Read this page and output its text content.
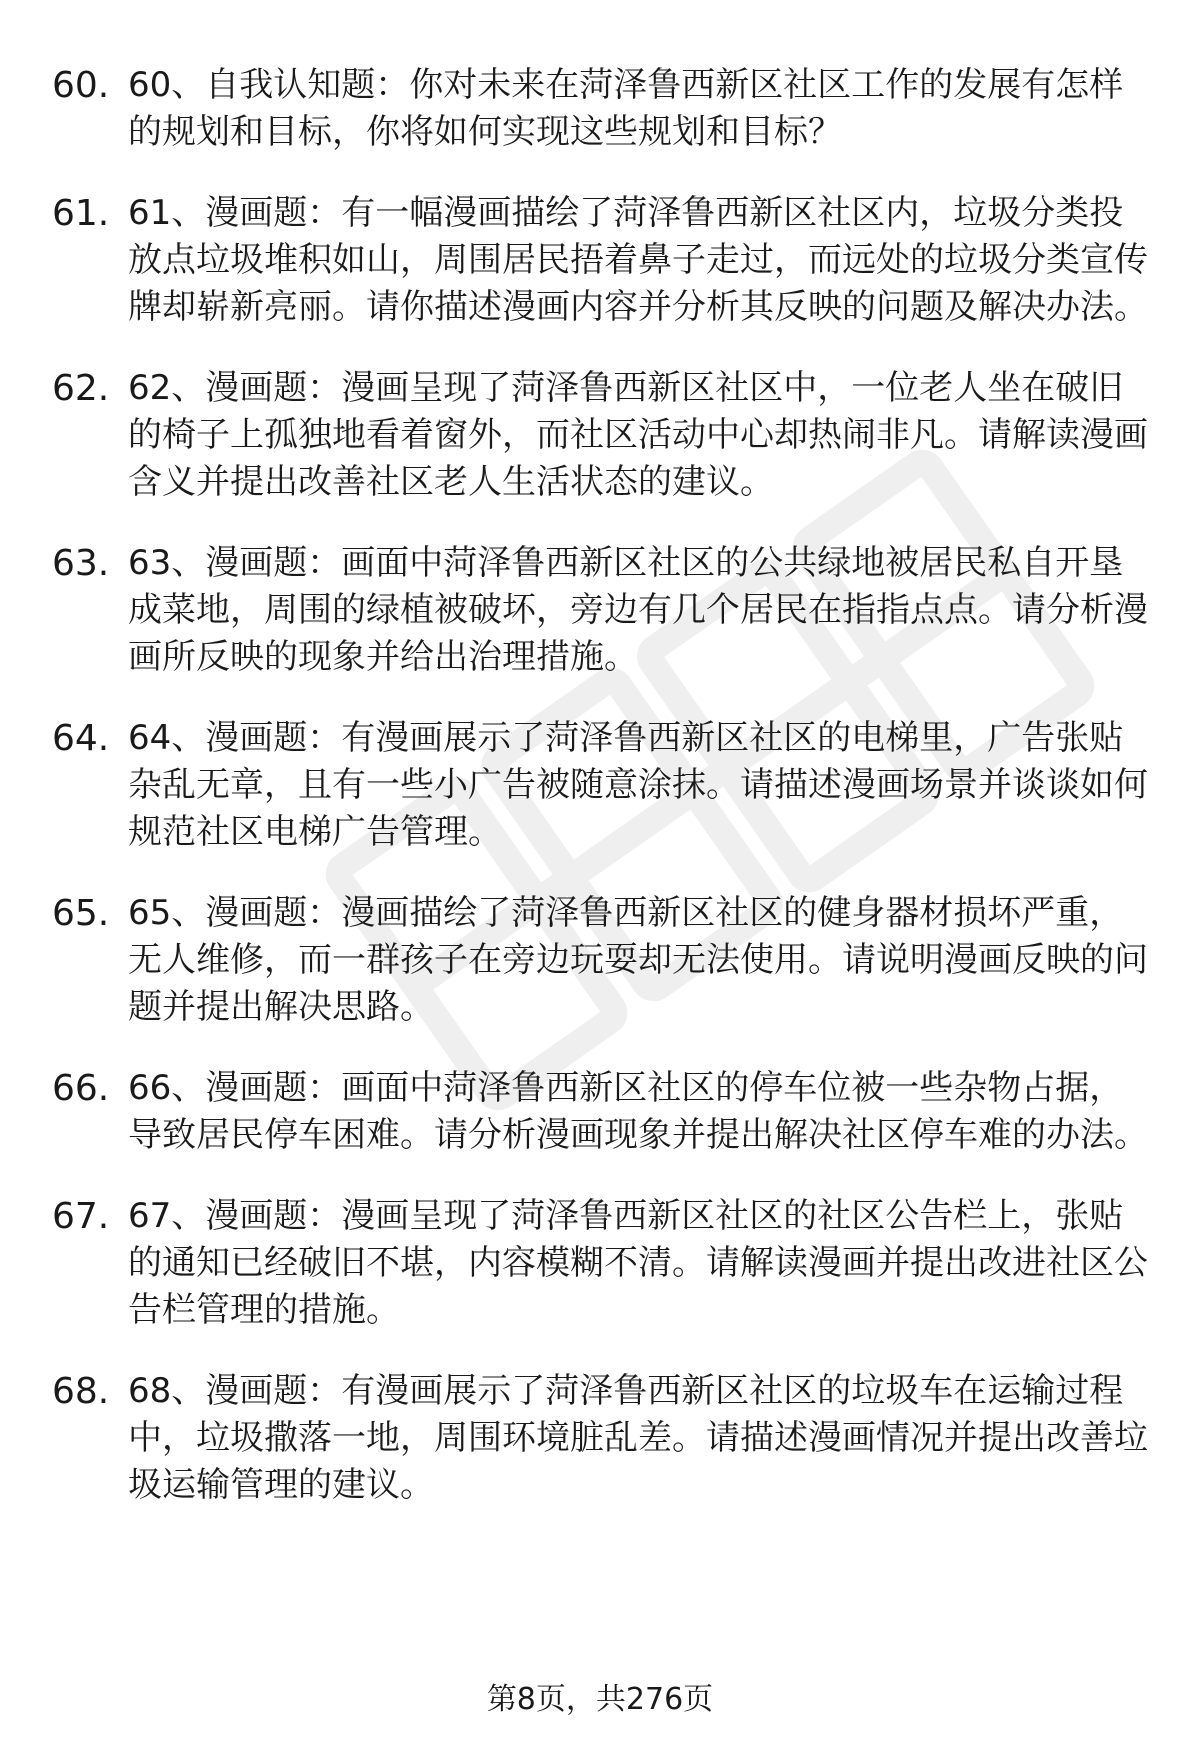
60. 60、自我认知题：你对未来在菏泽鲁西新区社区工作的发展有怎样的规划和目标，你将如何实现这些规划和目标？
61. 61、漫画题：有一幅漫画描绘了菏泽鲁西新区社区内，垃圾分类投放点垃圾堆积如山，周围居民捂着鼻子走过，而远处的垃圾分类宣传牌却崭新亮丽。请你描述漫画内容并分析其反映的问题及解决办法。
62. 62、漫画题：漫画呈现了菏泽鲁西新区社区中，一位老人坐在破旧的椅子上孤独地看着窗外，而社区活动中心却热闹非凡。请解读漫画含义并提出改善社区老人生活状态的建议。
63. 63、漫画题：画面中菏泽鲁西新区社区的公共绿地被居民私自开垦成菜地，周围的绿植被破坏，旁边有几个居民在指指点点。请分析漫画所反映的现象并给出治理措施。
64. 64、漫画题：有漫画展示了菏泽鲁西新区社区的电梯里，广告张贴杂乱无章，且有一些小广告被随意涂抹。请描述漫画场景并谈谈如何规范社区电梯广告管理。
65. 65、漫画题：漫画描绘了菏泽鲁西新区社区的健身器材损坏严重，无人维修，而一群孩子在旁边玩耍却无法使用。请说明漫画反映的问题并提出解决思路。
66. 66、漫画题：画面中菏泽鲁西新区社区的停车位被一些杂物占据，导致居民停车困难。请分析漫画现象并提出解决社区停车难的办法。
67. 67、漫画题：漫画呈现了菏泽鲁西新区社区的社区公告栏上，张贴的通知已经破旧不堪，内容模糊不清。请解读漫画并提出改进社区公告栏管理的措施。
68. 68、漫画题：有漫画展示了菏泽鲁西新区社区的垃圾车在运输过程中，垃圾撒落一地，周围环境脏乱差。请描述漫画情况并提出改善垃圾运输管理的建议。
第8页，共276页
